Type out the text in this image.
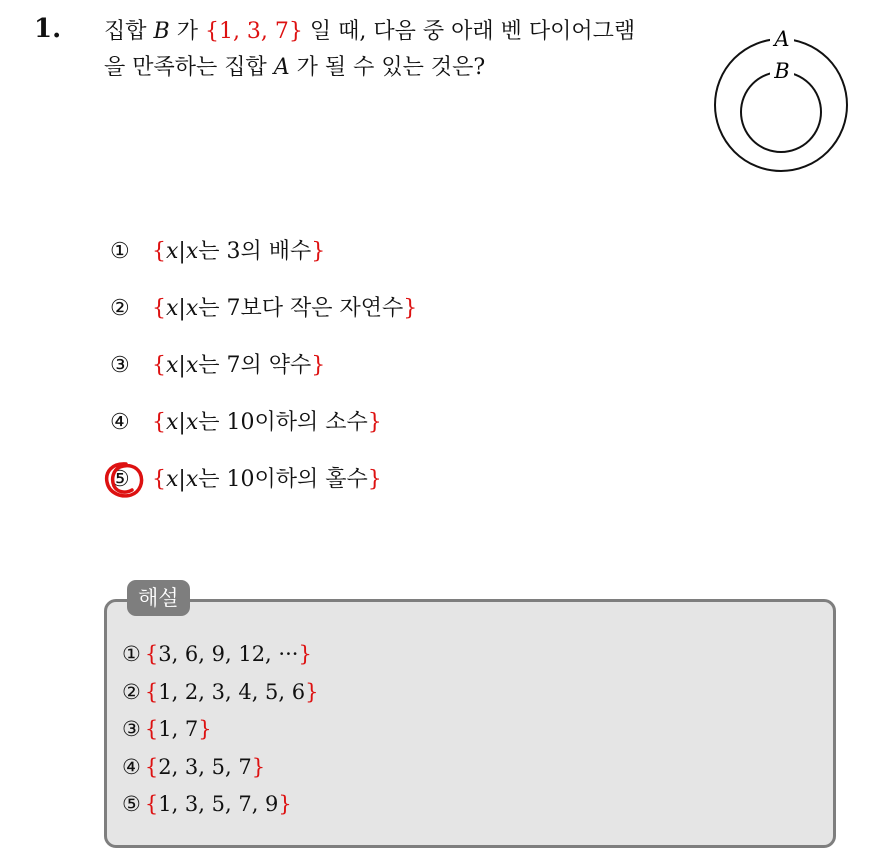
1. 집합 B 가 {1, 3, 7} 일 때, 다음 중 아래 벤 다이어그램
을 만족하는 집합 A 가 될 수 있는 것은?
A
B
①	{ x | x 는 3의 배수 }
②	{ x | x 는 7보다 작은 자연수 }
③	{ x | x 는 7의 약수 }
④	{ x | x 는 10이하의 소수 }
⑤	{ x | x 는 10이하의 홀수 }
해설
① {3, 6, 9, 12, ···}
② {1, 2, 3, 4, 5, 6}
③ {1, 7}
④ {2, 3, 5, 7}
⑤ {1, 3, 5, 7, 9}
